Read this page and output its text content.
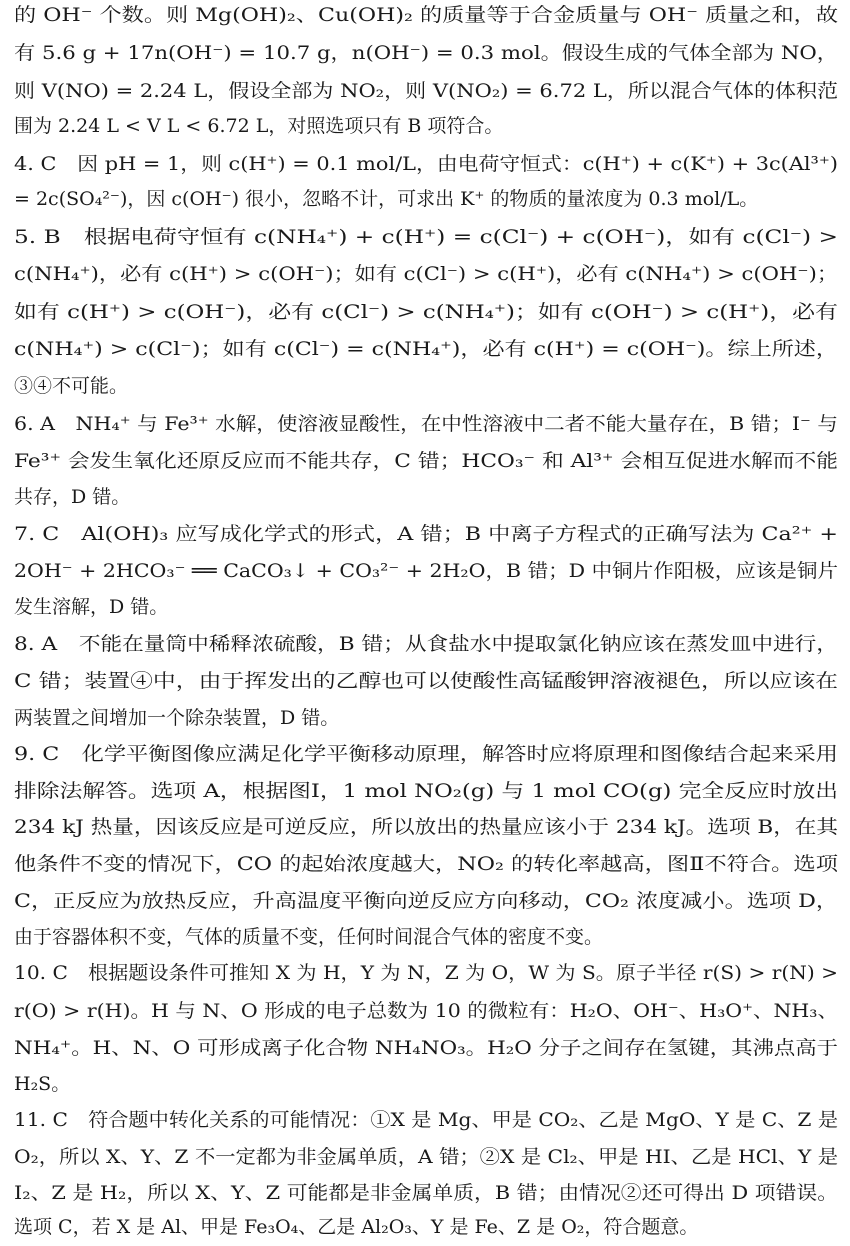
的 OH⁻ 个数。则 Mg(OH)₂、Cu(OH)₂ 的质量等于合金质量与 OH⁻ 质量之和，故
有 5.6 g + 17n(OH⁻) = 10.7 g，n(OH⁻) = 0.3 mol。假设生成的气体全部为 NO，
则 V(NO) = 2.24 L，假设全部为 NO₂，则 V(NO₂) = 6.72 L，所以混合气体的体积范
围为 2.24 L < V L < 6.72 L，对照选项只有 B 项符合。
4. C　因 pH = 1，则 c(H⁺) = 0.1 mol/L，由电荷守恒式：c(H⁺) + c(K⁺) + 3c(Al³⁺)
= 2c(SO₄²⁻)，因 c(OH⁻) 很小，忽略不计，可求出 K⁺ 的物质的量浓度为 0.3 mol/L。
5. B　根据电荷守恒有 c(NH₄⁺) + c(H⁺) = c(Cl⁻) + c(OH⁻)，如有 c(Cl⁻) >
c(NH₄⁺)，必有 c(H⁺) > c(OH⁻)；如有 c(Cl⁻) > c(H⁺)，必有 c(NH₄⁺) > c(OH⁻)；
如有 c(H⁺) > c(OH⁻)，必有 c(Cl⁻) > c(NH₄⁺)；如有 c(OH⁻) > c(H⁺)，必有
c(NH₄⁺) > c(Cl⁻)；如有 c(Cl⁻) = c(NH₄⁺)，必有 c(H⁺) = c(OH⁻)。综上所述，
③④不可能。
6. A　NH₄⁺ 与 Fe³⁺ 水解，使溶液显酸性，在中性溶液中二者不能大量存在，B 错；I⁻ 与
Fe³⁺ 会发生氧化还原反应而不能共存，C 错；HCO₃⁻ 和 Al³⁺ 会相互促进水解而不能
共存，D 错。
7. C　Al(OH)₃ 应写成化学式的形式，A 错；B 中离子方程式的正确写法为 Ca²⁺ +
2OH⁻ + 2HCO₃⁻ ══ CaCO₃↓ + CO₃²⁻ + 2H₂O，B 错；D 中铜片作阳极，应该是铜片
发生溶解，D 错。
8. A　不能在量筒中稀释浓硫酸，B 错；从食盐水中提取氯化钠应该在蒸发皿中进行，
C 错；装置④中，由于挥发出的乙醇也可以使酸性高锰酸钾溶液褪色，所以应该在
两装置之间增加一个除杂装置，D 错。
9. C　化学平衡图像应满足化学平衡移动原理，解答时应将原理和图像结合起来采用
排除法解答。选项 A，根据图Ⅰ，1 mol NO₂(g) 与 1 mol CO(g) 完全反应时放出
234 kJ 热量，因该反应是可逆反应，所以放出的热量应该小于 234 kJ。选项 B，在其
他条件不变的情况下，CO 的起始浓度越大，NO₂ 的转化率越高，图Ⅱ不符合。选项
C，正反应为放热反应，升高温度平衡向逆反应方向移动，CO₂ 浓度减小。选项 D，
由于容器体积不变，气体的质量不变，任何时间混合气体的密度不变。
10. C　根据题设条件可推知 X 为 H，Y 为 N，Z 为 O，W 为 S。原子半径 r(S) > r(N) >
r(O) > r(H)。H 与 N、O 形成的电子总数为 10 的微粒有：H₂O、OH⁻、H₃O⁺、NH₃、
NH₄⁺。H、N、O 可形成离子化合物 NH₄NO₃。H₂O 分子之间存在氢键，其沸点高于
H₂S。
11. C　符合题中转化关系的可能情况：①X 是 Mg、甲是 CO₂、乙是 MgO、Y 是 C、Z 是
O₂，所以 X、Y、Z 不一定都为非金属单质，A 错；②X 是 Cl₂、甲是 HI、乙是 HCl、Y 是
I₂、Z 是 H₂，所以 X、Y、Z 可能都是非金属单质，B 错；由情况②还可得出 D 项错误。
选项 C，若 X 是 Al、甲是 Fe₃O₄、乙是 Al₂O₃、Y 是 Fe、Z 是 O₂，符合题意。
